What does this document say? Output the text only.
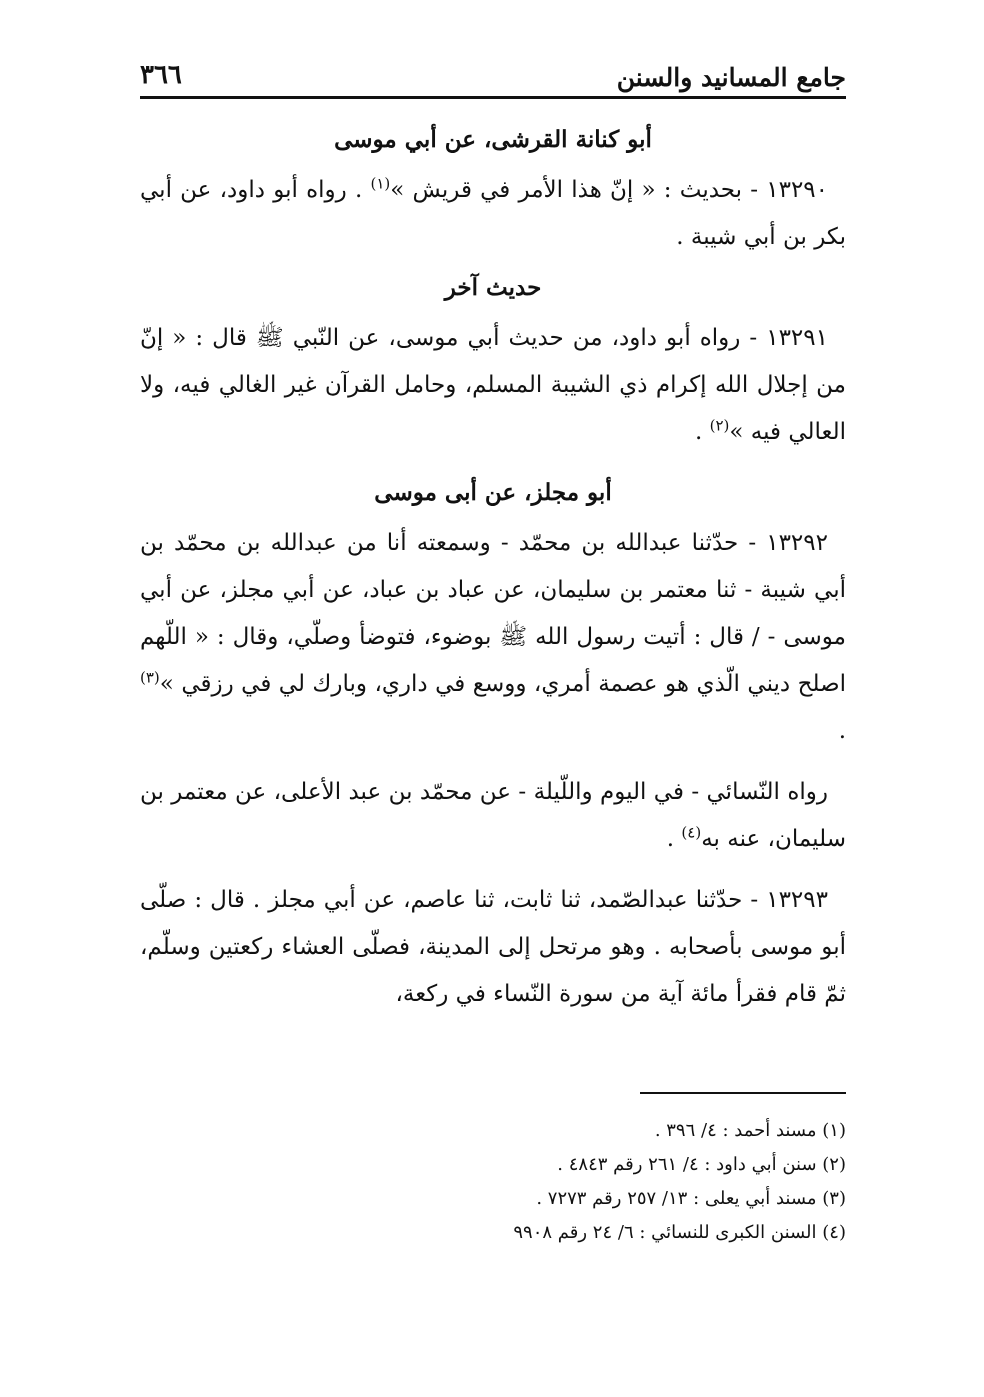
جامع المسانيد والسنن
٣٦٦
أبو كنانة القرشى، عن أبي موسى

١٣٢٩٠ - بحديث : « إنّ هذا الأمر في قريش »$^{(١)}$ . رواه أبو داود، عن أبي بكر بن أبي شيبة .

حديث آخر

١٣٢٩١ - رواه أبو داود، من حديث أبي موسى، عن النّبي ﷺ قال : « إنّ من إجلال الله إكرام ذي الشيبة المسلم، وحامل القرآن غير الغالي فيه، ولا العالي فيه »$^{(٢)}$ .

أبو مجلز، عن أبى موسى

١٣٢٩٢ - حدّثنا عبدالله بن محمّد - وسمعته أنا من عبدالله بن محمّد بن أبي شيبة - ثنا معتمر بن سليمان، عن عباد بن عباد، عن أبي مجلز، عن أبي موسى - / قال : أتيت رسول الله ﷺ بوضوء، فتوضأ وصلّي، وقال : « اللّهم اصلح ديني الّذي هو عصمة أمري، ووسع في داري، وبارك لي في رزقي »$^{(٣)}$ .

رواه النّسائي - في اليوم واللّيلة - عن محمّد بن عبد الأعلى، عن معتمر بن سليمان، عنه به$^{(٤)}$ .

١٣٢٩٣ - حدّثنا عبدالصّمد، ثنا ثابت، ثنا عاصم، عن أبي مجلز . قال : صلّى أبو موسى بأصحابه . وهو مرتحل إلى المدينة، فصلّى العشاء ركعتين وسلّم، ثمّ قام فقرأ مائة آية من سورة النّساء في ركعة،

(١) مسند أحمد : ٤/ ٣٩٦ .

(٢) سنن أبي داود : ٤/ ٢٦١ رقم ٤٨٤٣ .

(٣) مسند أبي يعلى : ١٣/ ٢٥٧ رقم ٧٢٧٣ .

(٤) السنن الكبرى للنسائي : ٦/ ٢٤ رقم ٩٩٠٨
